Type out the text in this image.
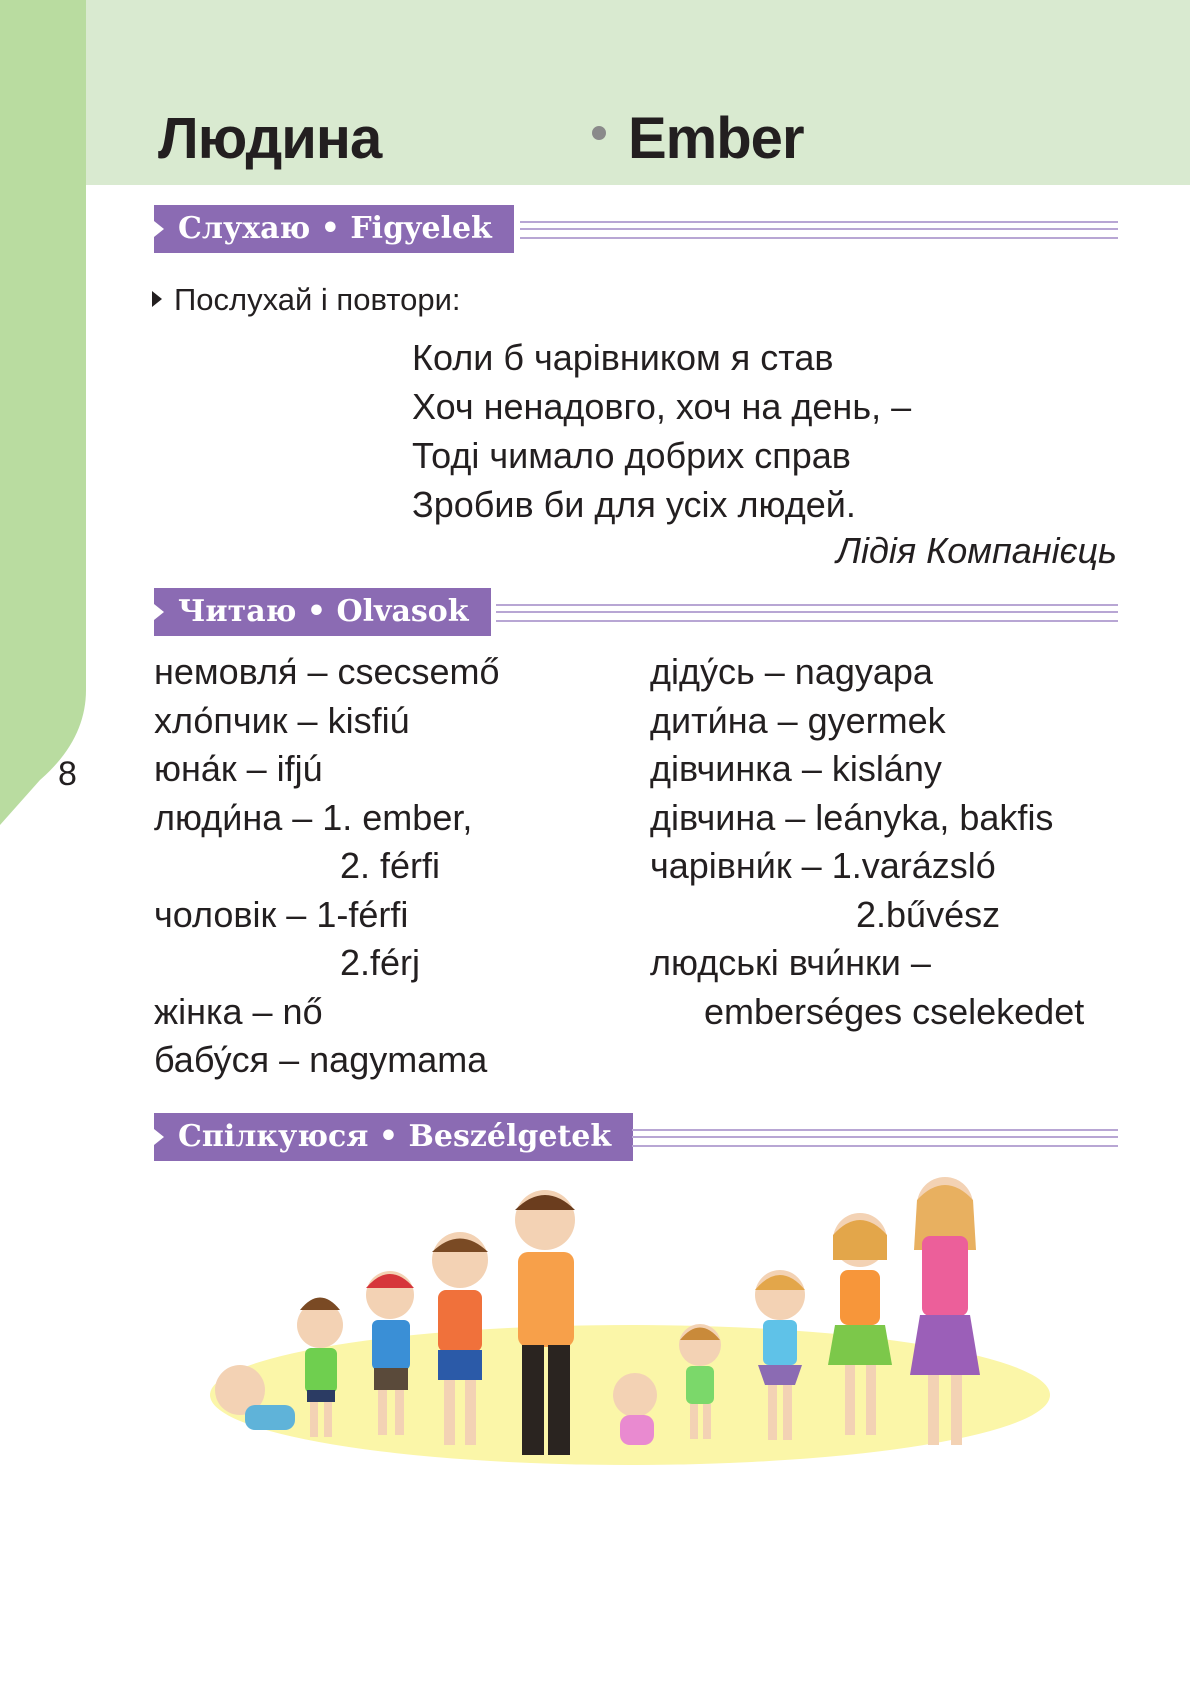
8
Людина	Ember
Слухаю • Figyelek
Послухай і повтори:
Коли б чарівником я став
Хоч ненадовго, хоч на день, –
Тоді чимало добрих справ
Зробив би для усіх людей.
Лідія Компанієць
Читаю • Olvasok
немовля́ – csecsemő
хло́пчик – kisfiú
юна́к – ifjú
люди́на – 1. ember,
2. férfi
чоловік – 1-férfi
2.férj
жінка – nő
бабу́ся – nagymama
діду́сь – nagyapa
дити́на – gyermek
дівчинка – kislány
дівчина – leányka, bakfis
чарівни́к – 1.varázsló
2.bűvész
людські вчи́нки –
emberséges cselekedet
Спілкуюся • Beszélgetek
